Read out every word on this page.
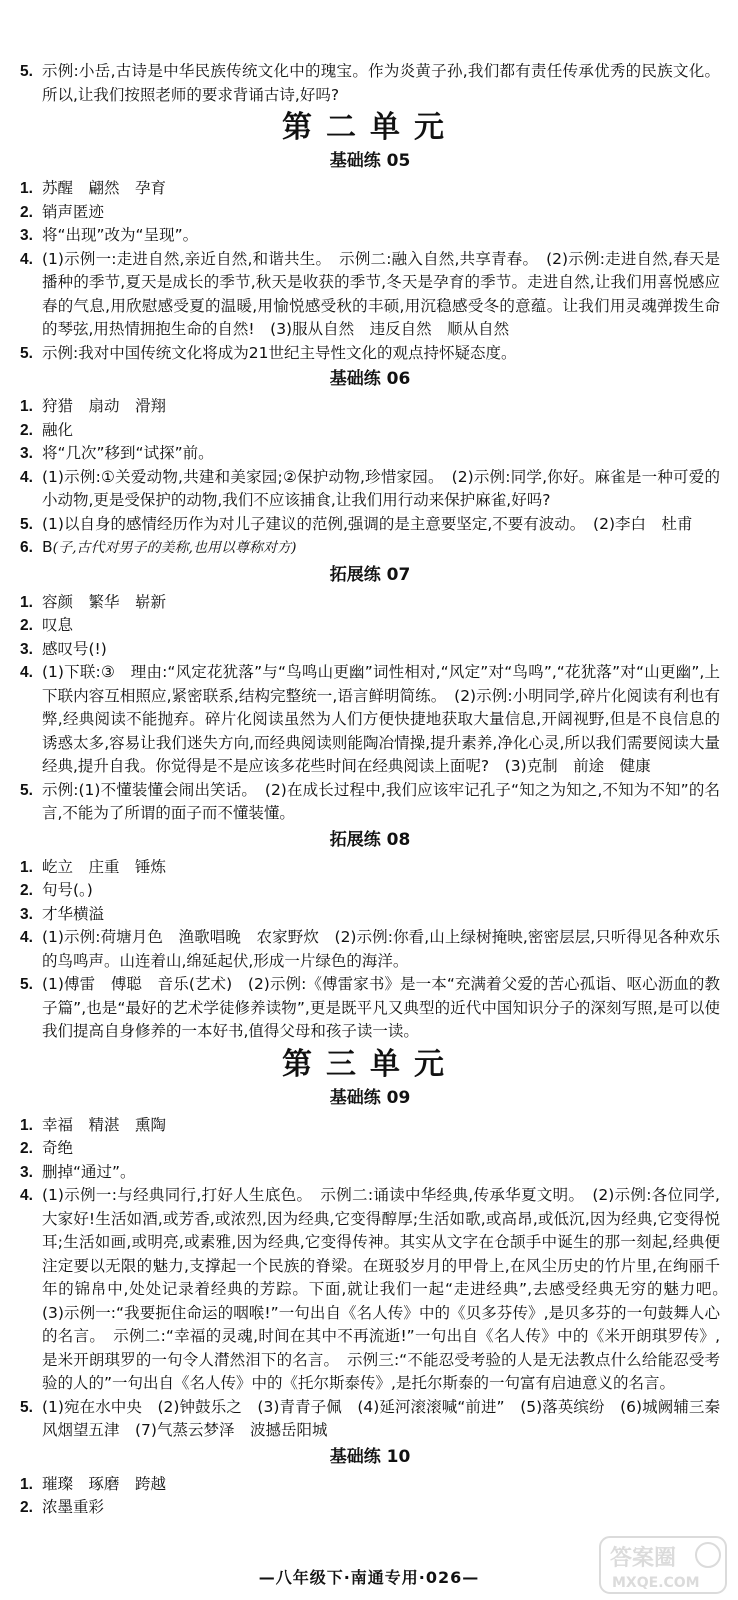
5. 示例:小岳,古诗是中华民族传统文化中的瑰宝。作为炎黄子孙,我们都有责任传承优秀的民族文化。所以,让我们按照老师的要求背诵古诗,好吗?
第二单元
基础练 05
1. 苏醒　翩然　孕育
2. 销声匿迹
3. 将“出现”改为“呈现”。
4. (1)示例一:走进自然,亲近自然,和谐共生。　示例二:融入自然,共享青春。　(2)示例:走进自然,春天是播种的季节,夏天是成长的季节,秋天是收获的季节,冬天是孕育的季节。走进自然,让我们用喜悦感应春的气息,用欣慰感受夏的温暖,用愉悦感受秋的丰硕,用沉稳感受冬的意蕴。让我们用灵魂弹拨生命的琴弦,用热情拥抱生命的自然!　(3)服从自然　违反自然　顺从自然
5. 示例:我对中国传统文化将成为21世纪主导性文化的观点持怀疑态度。
基础练 06
1. 狩猎　扇动　滑翔
2. 融化
3. 将“几次”移到“试探”前。
4. (1)示例:①关爱动物,共建和美家园;②保护动物,珍惜家园。　(2)示例:同学,你好。麻雀是一种可爱的小动物,更是受保护的动物,我们不应该捕食,让我们用行动来保护麻雀,好吗?
5. (1)以自身的感情经历作为对儿子建议的范例,强调的是主意要坚定,不要有波动。　(2)李白　杜甫
6. B(子,古代对男子的美称,也用以尊称对方)
拓展练 07
1. 容颜　繁华　崭新
2. 叹息
3. 感叹号(!)
4. (1)下联:③　理由:“风定花犹落”与“鸟鸣山更幽”词性相对,“风定”对“鸟鸣”,“花犹落”对“山更幽”,上下联内容互相照应,紧密联系,结构完整统一,语言鲜明简练。　(2)示例:小明同学,碎片化阅读有利也有弊,经典阅读不能抛弃。碎片化阅读虽然为人们方便快捷地获取大量信息,开阔视野,但是不良信息的诱惑太多,容易让我们迷失方向,而经典阅读则能陶冶情操,提升素养,净化心灵,所以我们需要阅读大量经典,提升自我。你觉得是不是应该多花些时间在经典阅读上面呢?　(3)克制　前途　健康
5. 示例:(1)不懂装懂会闹出笑话。　(2)在成长过程中,我们应该牢记孔子“知之为知之,不知为不知”的名言,不能为了所谓的面子而不懂装懂。
拓展练 08
1. 屹立　庄重　锤炼
2. 句号(。)
3. 才华横溢
4. (1)示例:荷塘月色　渔歌唱晚　农家野炊　(2)示例:你看,山上绿树掩映,密密层层,只听得见各种欢乐的鸟鸣声。山连着山,绵延起伏,形成一片绿色的海洋。
5. (1)傅雷　傅聪　音乐(艺术)　(2)示例:《傅雷家书》是一本“充满着父爱的苦心孤诣、呕心沥血的教子篇”,也是“最好的艺术学徒修养读物”,更是既平凡又典型的近代中国知识分子的深刻写照,是可以使我们提高自身修养的一本好书,值得父母和孩子读一读。
第三单元
基础练 09
1. 幸福　精湛　熏陶
2. 奇绝
3. 删掉“通过”。
4. (1)示例一:与经典同行,打好人生底色。　示例二:诵读中华经典,传承华夏文明。　(2)示例:各位同学,大家好!生活如酒,或芳香,或浓烈,因为经典,它变得醇厚;生活如歌,或高昂,或低沉,因为经典,它变得悦耳;生活如画,或明亮,或素雅,因为经典,它变得传神。其实从文字在仓颉手中诞生的那一刻起,经典便注定要以无限的魅力,支撑起一个民族的脊梁。在斑驳岁月的甲骨上,在风尘历史的竹片里,在绚丽千年的锦帛中,处处记录着经典的芳踪。下面,就让我们一起“走进经典”,去感受经典无穷的魅力吧。　(3)示例一:“我要扼住命运的咽喉!”一句出自《名人传》中的《贝多芬传》,是贝多芬的一句鼓舞人心的名言。　示例二:“幸福的灵魂,时间在其中不再流逝!”一句出自《名人传》中的《米开朗琪罗传》,是米开朗琪罗的一句令人潸然泪下的名言。　示例三:“不能忍受考验的人是无法教点什么给能忍受考验的人的”一句出自《名人传》中的《托尔斯泰传》,是托尔斯泰的一句富有启迪意义的名言。
5. (1)宛在水中央　(2)钟鼓乐之　(3)青青子佩　(4)延河滚滚喊“前进”　(5)落英缤纷　(6)城阙辅三秦　风烟望五津　(7)气蒸云梦泽　波撼岳阳城
基础练 10
1. 璀璨　琢磨　跨越
2. 浓墨重彩
—八年级下·南通专用·026—
答案圈
MXQE.COM
